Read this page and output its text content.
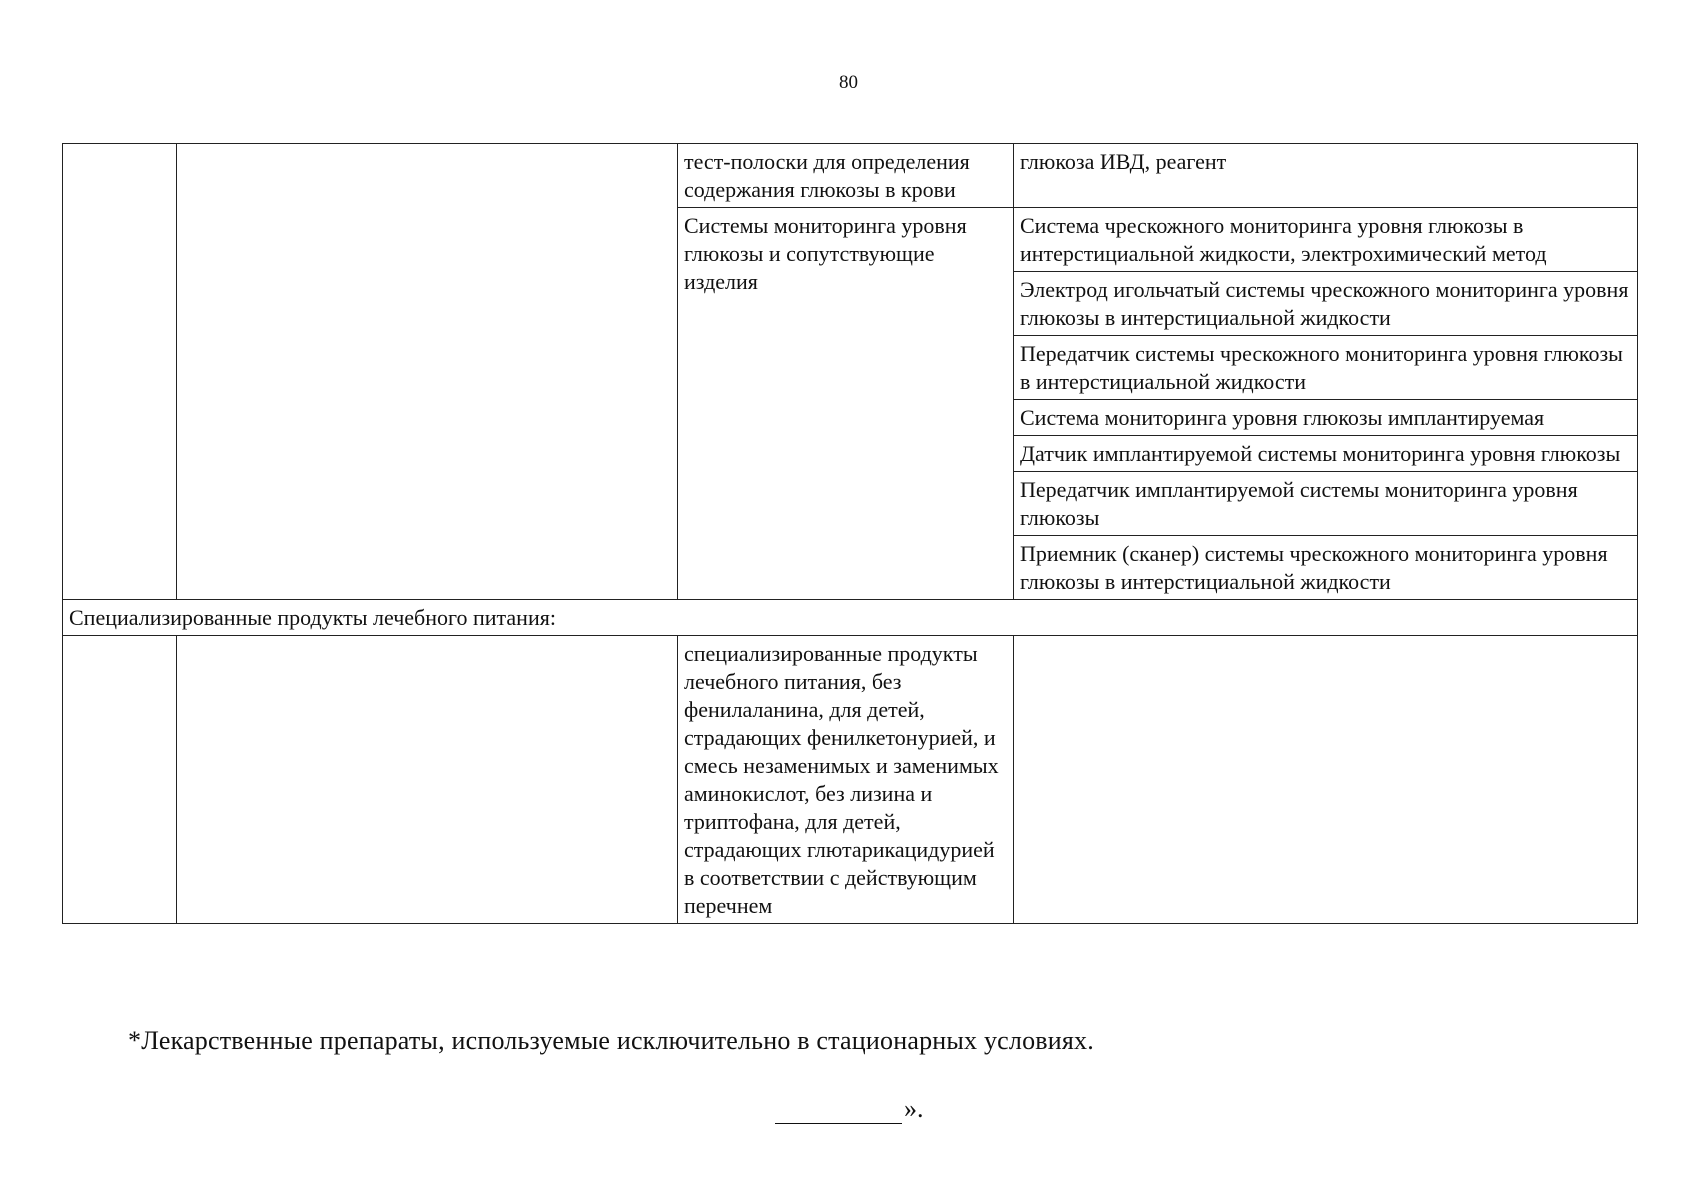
80
		тест-полоски для определения содержания глюкозы в крови	глюкоза ИВД, реагент
		Системы мониторинга уровня глюкозы и сопутствующие изделия	Система чрескожного мониторинга уровня глюкозы в интерстициальной жидкости, электрохимический метод
			Электрод игольчатый системы чрескожного мониторинга уровня глюкозы в интерстициальной жидкости
			Передатчик системы чрескожного мониторинга уровня глюкозы в интерстициальной жидкости
			Система мониторинга уровня глюкозы имплантируемая
			Датчик имплантируемой системы мониторинга уровня глюкозы
			Передатчик имплантируемой системы мониторинга уровня глюкозы
			Приемник (сканер) системы чрескожного мониторинга уровня глюкозы в интерстициальной жидкости
Специализированные продукты лечебного питания:			
		специализированные продукты лечебного питания, без фенилаланина, для детей, страдающих фенилкетонурией, и смесь незаменимых и заменимых аминокислот, без лизина и триптофана, для детей, страдающих глютарикацидурией в соответствии с действующим перечнем	
*Лекарственные препараты, используемые исключительно в стационарных условиях.
».
